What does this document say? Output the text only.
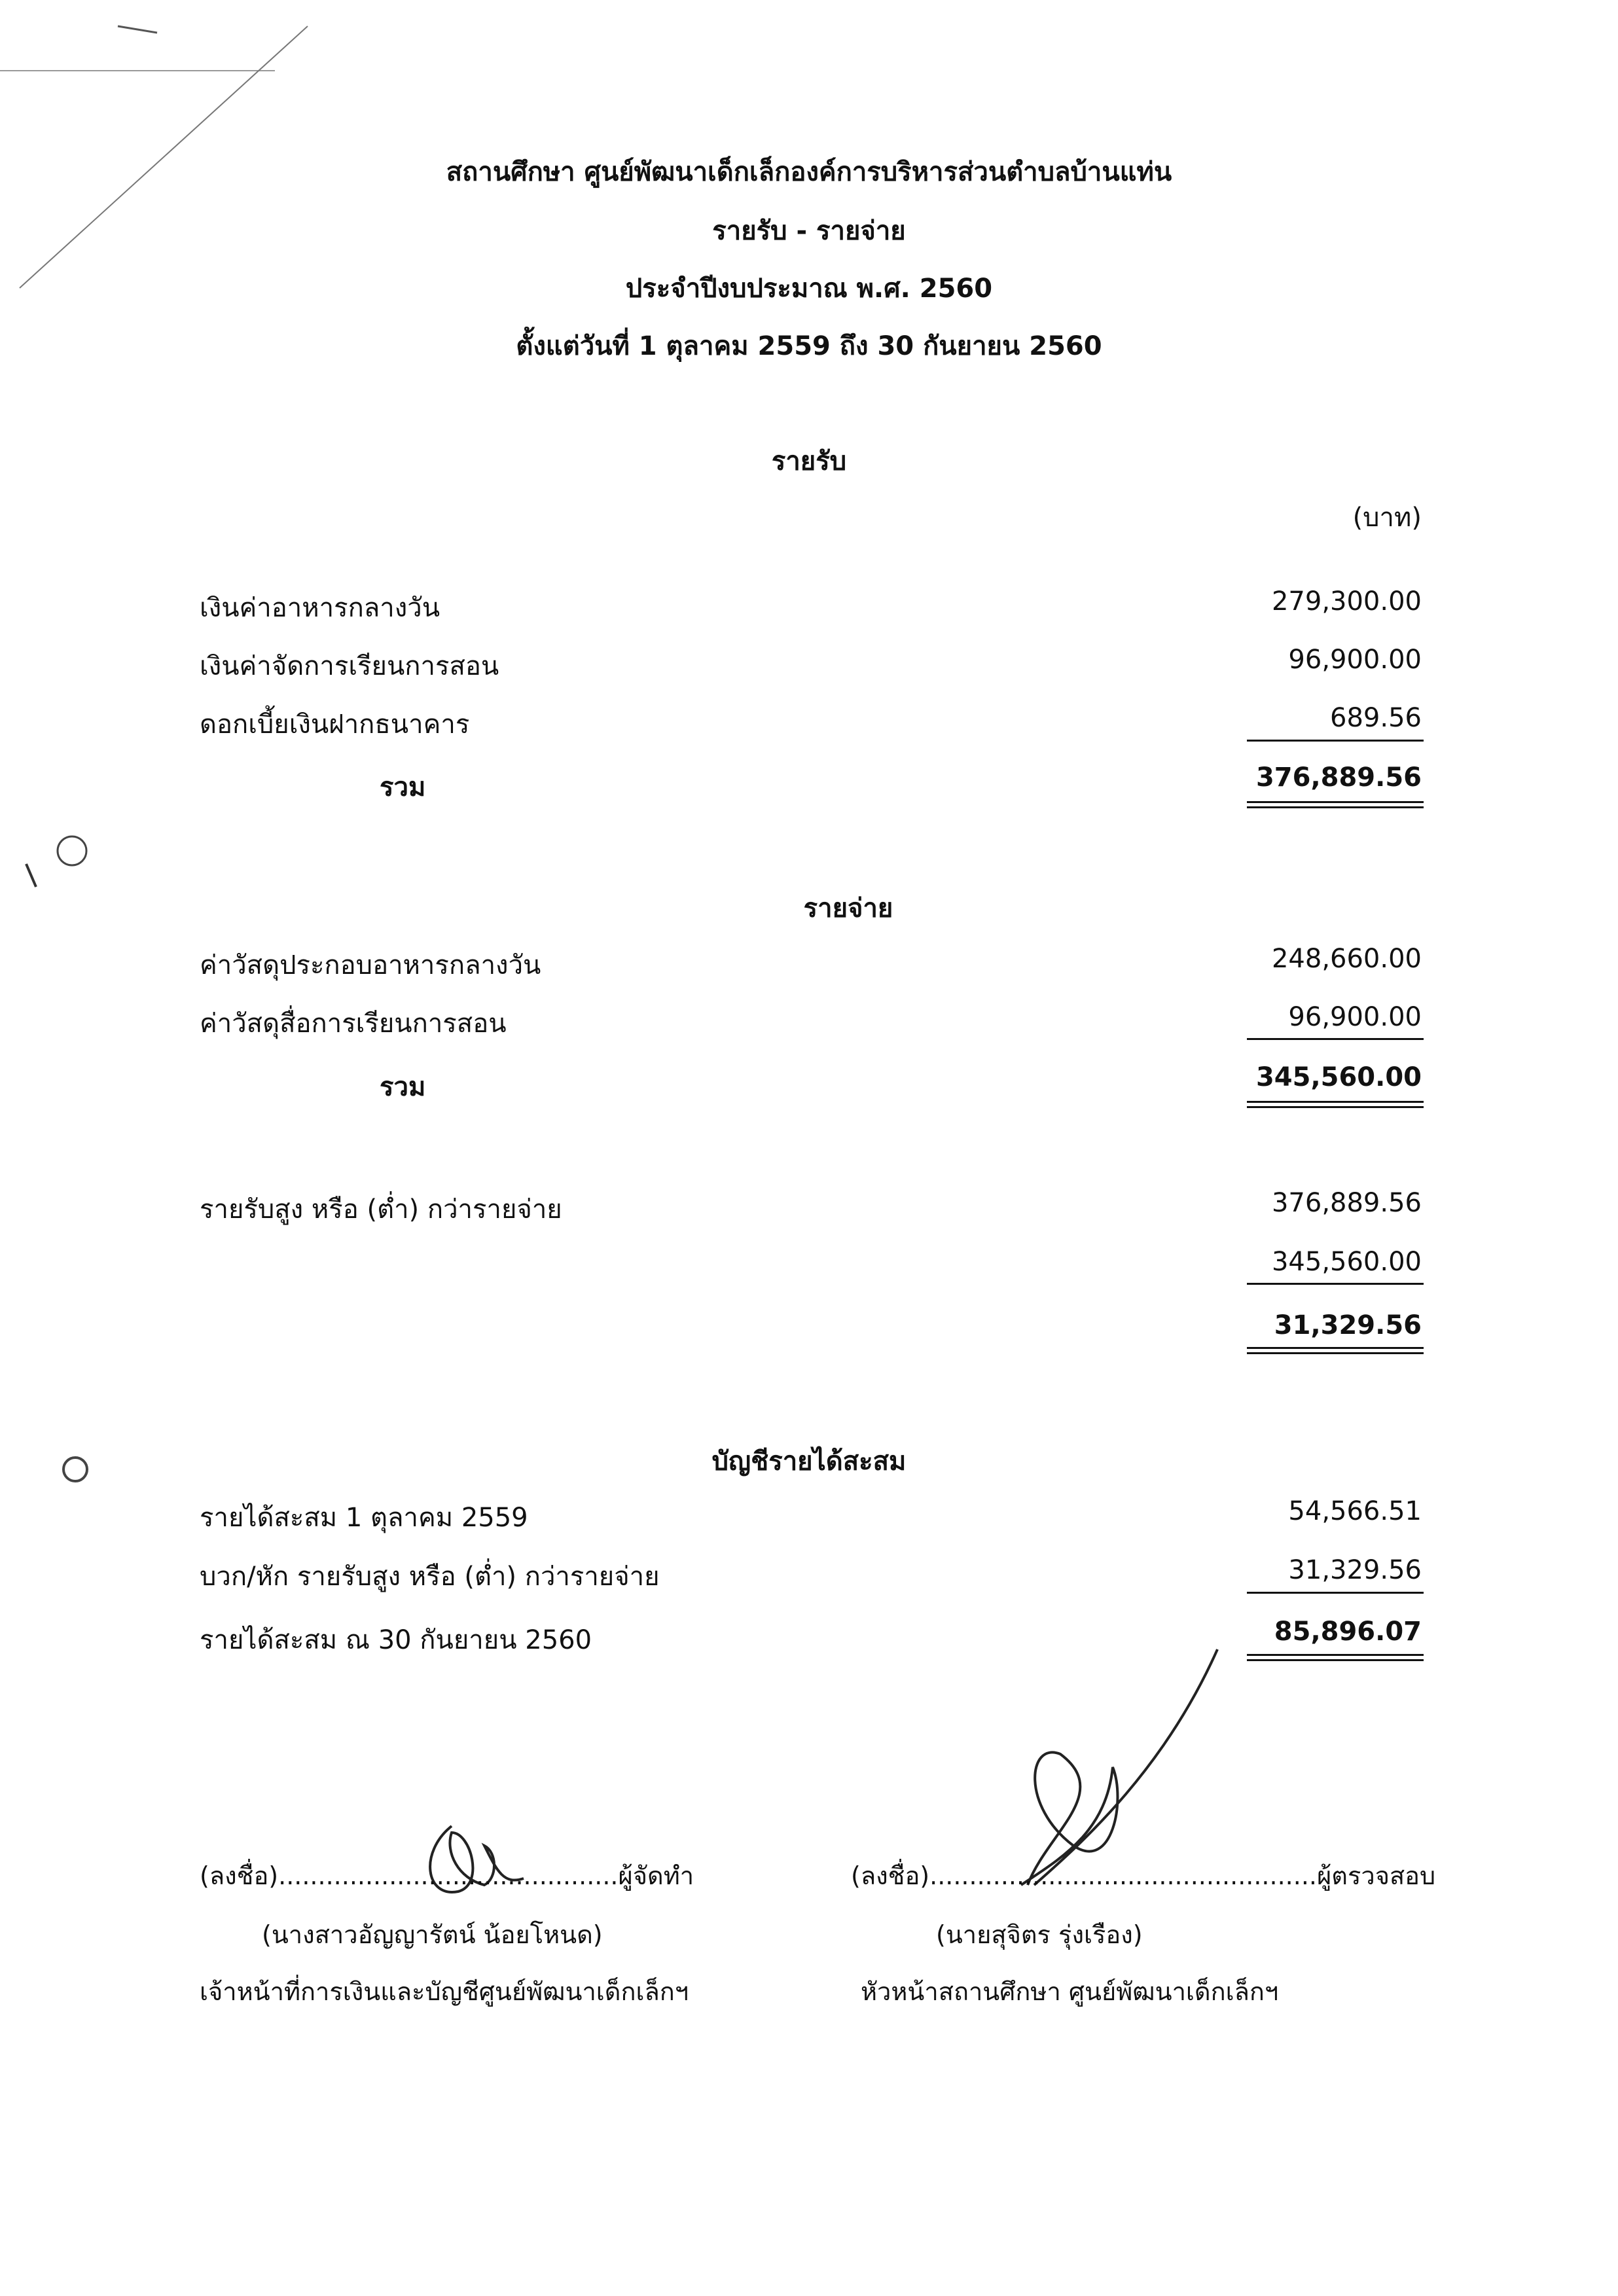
สถานศึกษา ศูนย์พัฒนาเด็กเล็กองค์การบริหารส่วนตำบลบ้านแท่น
รายรับ - รายจ่าย
ประจำปีงบประมาณ พ.ศ. 2560
ตั้งแต่วันที่ 1 ตุลาคม 2559 ถึง 30 กันยายน 2560
รายรับ
(บาท)
เงินค่าอาหารกลางวัน	279,300.00
เงินค่าจัดการเรียนการสอน	96,900.00
ดอกเบี้ยเงินฝากธนาคาร	689.56
รวม	376,889.56
รายจ่าย
ค่าวัสดุประกอบอาหารกลางวัน	248,660.00
ค่าวัสดุสื่อการเรียนการสอน	96,900.00
รวม	345,560.00
รายรับสูง หรือ (ต่ำ) กว่ารายจ่าย	376,889.56
345,560.00
31,329.56
บัญชีรายได้สะสม
รายได้สะสม 1 ตุลาคม 2559	54,566.51
บวก/หัก รายรับสูง หรือ (ต่ำ) กว่ารายจ่าย	31,329.56
รายได้สะสม ณ 30 กันยายน 2560	85,896.07
(ลงชื่อ)...........................................ผู้จัดทำ
(นางสาวอัญญารัตน์ น้อยโหนด)
เจ้าหน้าที่การเงินและบัญชีศูนย์พัฒนาเด็กเล็กฯ
(ลงชื่อ).................................................ผู้ตรวจสอบ
(นายสุจิตร รุ่งเรือง)
หัวหน้าสถานศึกษา ศูนย์พัฒนาเด็กเล็กฯ
